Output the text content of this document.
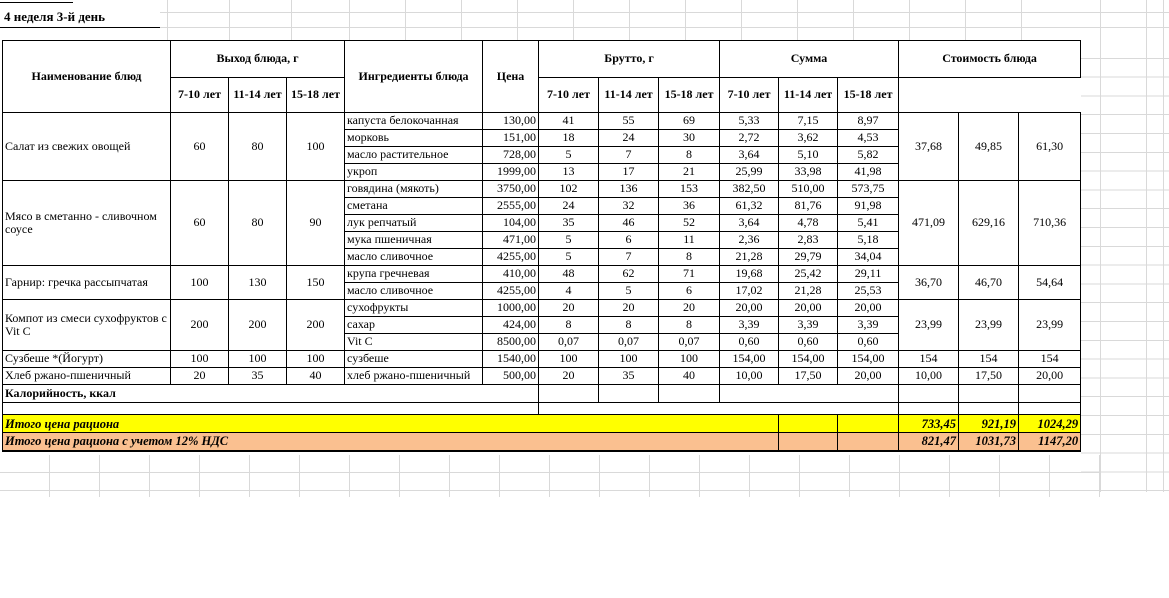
4 неделя 3-й день
Наименование блюд	Выход блюда, г			Ингредиенты блюда	Цена	Брутто, г			Сумма			Стоимость блюда		
	7-10 лет	11-14 лет	15-18 лет			7-10 лет	11-14 лет	15-18 лет	7-10 лет	11-14 лет	15-18 лет			
Салат из свежих овощей	60	80	100	капуста белокочанная	130,00	41	55	69	5,33	7,15	8,97	37,68	49,85	61,30
				морковь	151,00	18	24	30	2,72	3,62	4,53			
				масло растительное	728,00	5	7	8	3,64	5,10	5,82			
				укроп	1999,00	13	17	21	25,99	33,98	41,98			
Мясо в сметанно - сливочном соусе	60	80	90	говядина (мякоть)	3750,00	102	136	153	382,50	510,00	573,75	471,09	629,16	710,36
				сметана	2555,00	24	32	36	61,32	81,76	91,98			
				лук репчатый	104,00	35	46	52	3,64	4,78	5,41			
				мука пшеничная	471,00	5	6	11	2,36	2,83	5,18			
				масло сливочное	4255,00	5	7	8	21,28	29,79	34,04			
Гарнир: гречка рассыпчатая	100	130	150	крупа гречневая	410,00	48	62	71	19,68	25,42	29,11	36,70	46,70	54,64
				масло сливочное	4255,00	4	5	6	17,02	21,28	25,53			
Компот из смеси сухофруктов с Vit C	200	200	200	сухофрукты	1000,00	20	20	20	20,00	20,00	20,00	23,99	23,99	23,99
				сахар	424,00	8	8	8	3,39	3,39	3,39			
				Vit C	8500,00	0,07	0,07	0,07	0,60	0,60	0,60			
Сузбеше *(Йогурт)	100	100	100	сузбеше	1540,00	100	100	100	154,00	154,00	154,00	154	154	154
Хлеб ржано-пшеничный	20	35	40	хлеб ржано-пшеничный	500,00	20	35	40	10,00	17,50	20,00	10,00	17,50	20,00
Калорийность, ккал														

Итого цена рациона												733,45	921,19	1024,29
Итого цена рациона с учетом 12% НДС												821,47	1031,73	1147,20
